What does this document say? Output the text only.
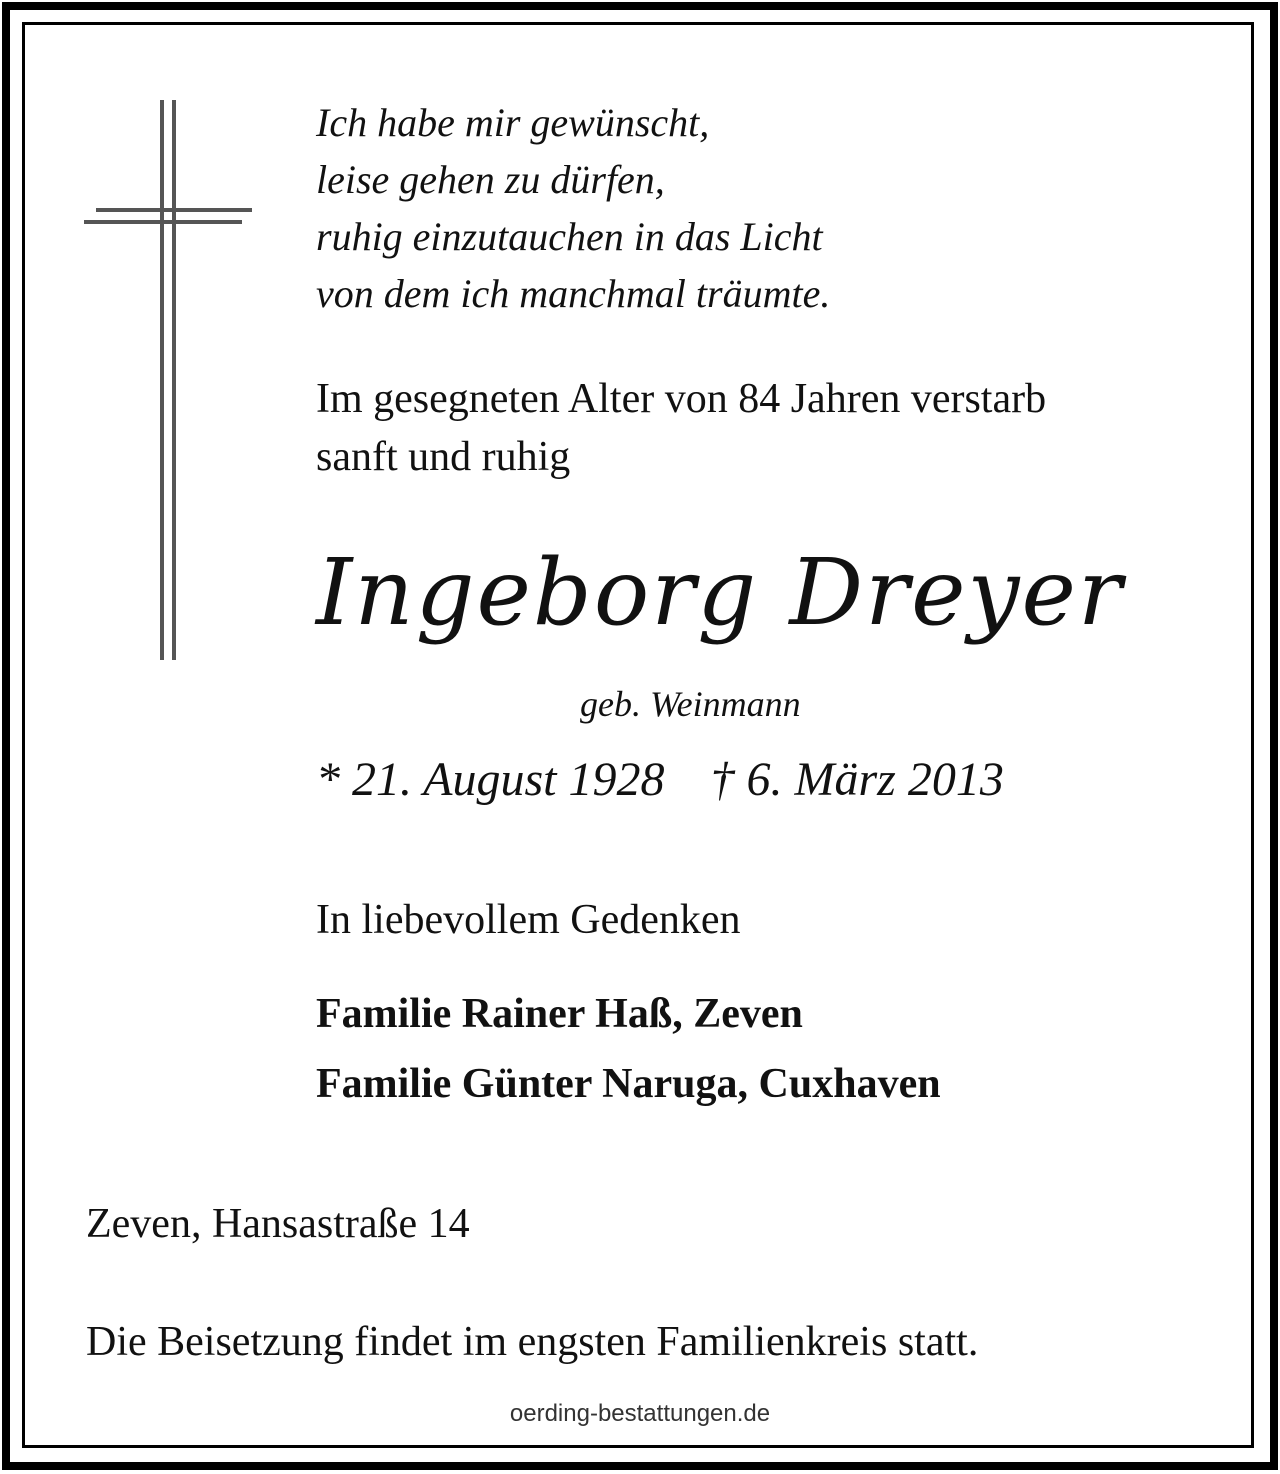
Ich habe mir gewünscht,
leise gehen zu dürfen,
ruhig einzutauchen in das Licht
von dem ich manchmal träumte.
Im gesegneten Alter von 84 Jahren verstarb
sanft und ruhig
Ingeborg Dreyer
geb. Weinmann
* 21. August 1928 † 6. März 2013
In liebevollem Gedenken
Familie Rainer Haß, Zeven
Familie Günter Naruga, Cuxhaven
Zeven, Hansastraße 14
Die Beisetzung findet im engsten Familienkreis statt.
oerding-bestattungen.de
